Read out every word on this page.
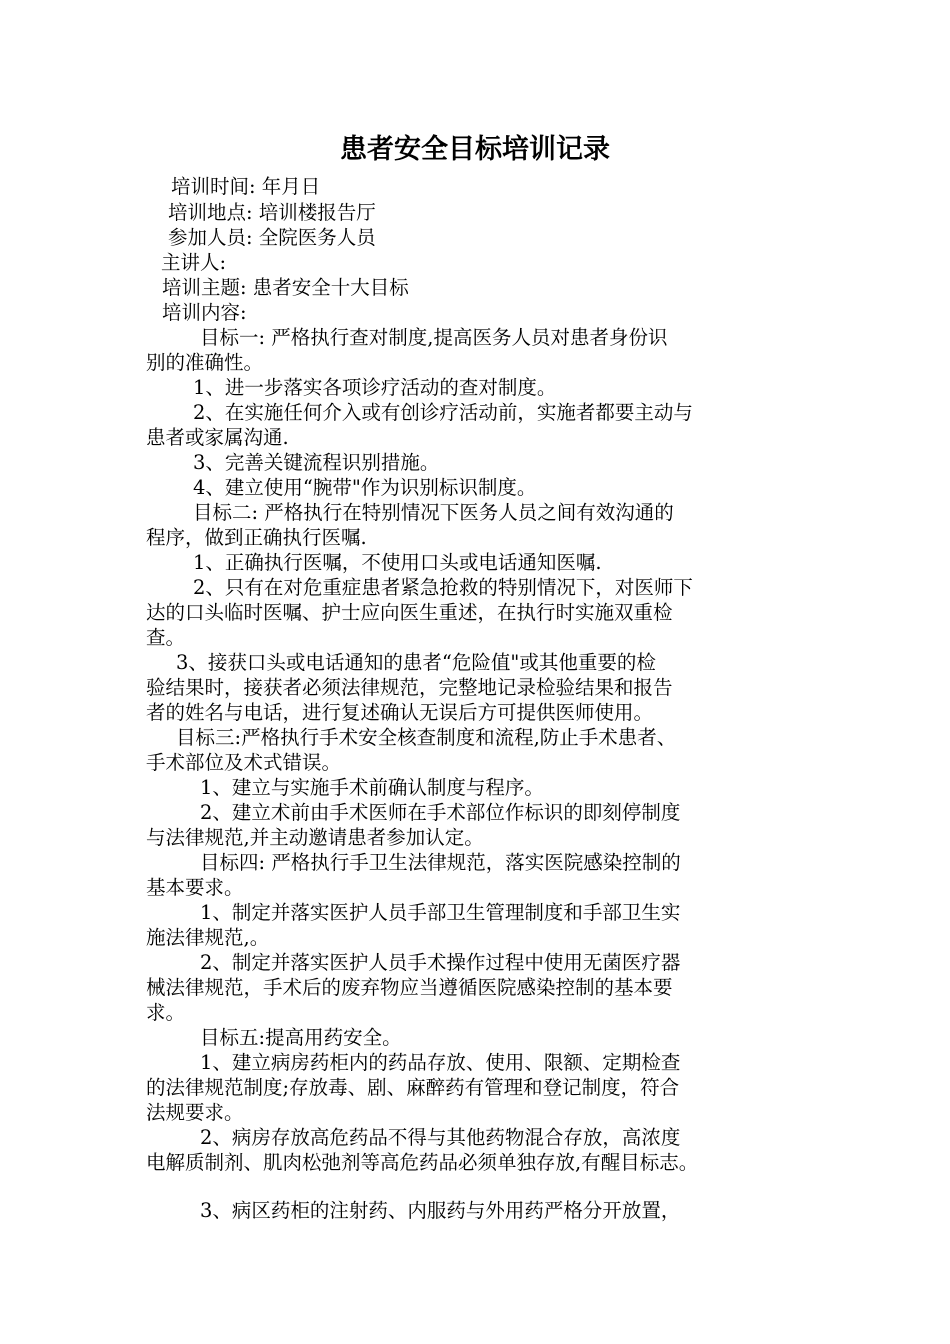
患者安全目标培训记录
培训时间: 年月日
培训地点: 培训楼报告厅
参加人员: 全院医务人员
主讲人:
培训主题: 患者安全十大目标
培训内容:
目标一: 严格执行查对制度,提高医务人员对患者身份识
别的准确性。
1、进一步落实各项诊疗活动的查对制度。
2、在实施任何介入或有创诊疗活动前，实施者都要主动与
患者或家属沟通.
3、完善关键流程识别措施。
4、建立使用“腕带"作为识别标识制度。
目标二: 严格执行在特别情况下医务人员之间有效沟通的
程序，做到正确执行医嘱.
1、正确执行医嘱，不使用口头或电话通知医嘱.
2、只有在对危重症患者紧急抢救的特别情况下，对医师下
达的口头临时医嘱、护士应向医生重述，在执行时实施双重检
查。
3、接获口头或电话通知的患者“危险值"或其他重要的检
验结果时，接获者必须法律规范，完整地记录检验结果和报告
者的姓名与电话，进行复述确认无误后方可提供医师使用。
目标三:严格执行手术安全核查制度和流程,防止手术患者、
手术部位及术式错误。
1、建立与实施手术前确认制度与程序。
2、建立术前由手术医师在手术部位作标识的即刻停制度
与法律规范,并主动邀请患者参加认定。
目标四: 严格执行手卫生法律规范，落实医院感染控制的
基本要求。
1、制定并落实医护人员手部卫生管理制度和手部卫生实
施法律规范,。
2、制定并落实医护人员手术操作过程中使用无菌医疗器
械法律规范，手术后的废弃物应当遵循医院感染控制的基本要
求。
目标五:提高用药安全。
1、建立病房药柜内的药品存放、使用、限额、定期检查
的法律规范制度;存放毒、剧、麻醉药有管理和登记制度，符合
法规要求。
2、病房存放高危药品不得与其他药物混合存放，高浓度
电解质制剂、肌肉松弛剂等高危药品必须单独存放,有醒目标志。
3、病区药柜的注射药、内服药与外用药严格分开放置，
